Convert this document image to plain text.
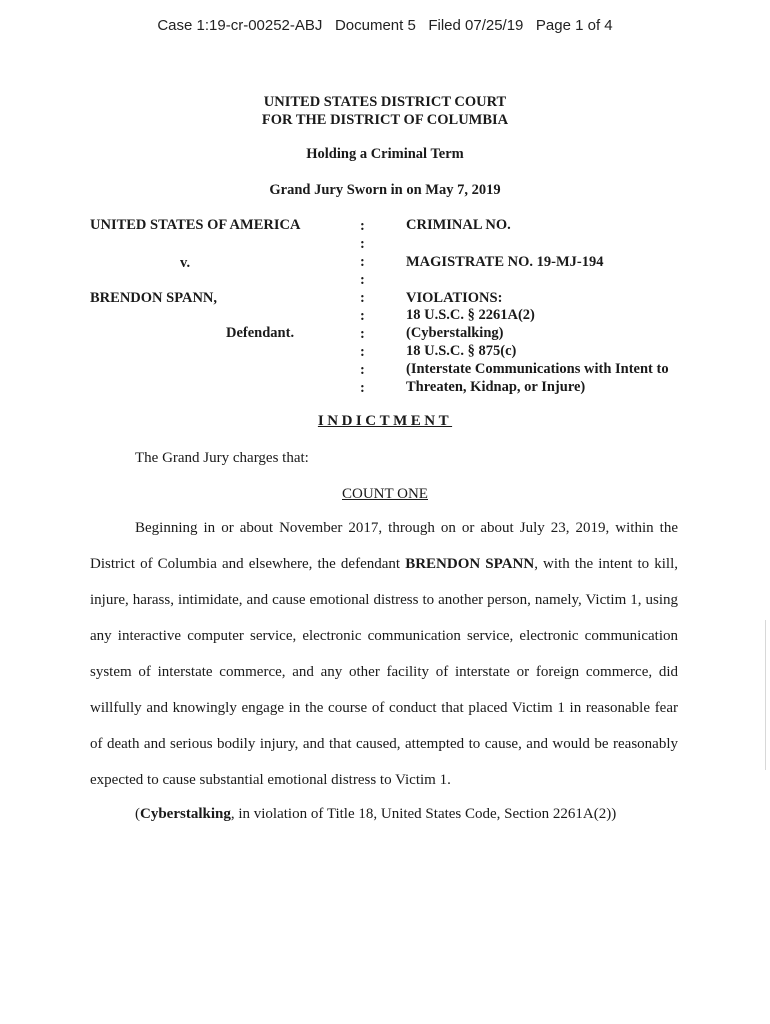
Case 1:19-cr-00252-ABJ Document 5 Filed 07/25/19 Page 1 of 4
UNITED STATES DISTRICT COURT
FOR THE DISTRICT OF COLUMBIA
Holding a Criminal Term
Grand Jury Sworn in on May 7, 2019
UNITED STATES OF AMERICA
v.
BRENDON SPANN,
Defendant.
:
:
:
:
:
:
:
:
:
:
CRIMINAL NO.
MAGISTRATE NO. 19-MJ-194
VIOLATIONS:
18 U.S.C. § 2261A(2)
(Cyberstalking)
18 U.S.C. § 875(c)
(Interstate Communications with Intent to
Threaten, Kidnap, or Injure)
INDICTMENT
The Grand Jury charges that:
COUNT ONE
Beginning in or about November 2017, through on or about July 23, 2019, within the
District of Columbia and elsewhere, the defendant BRENDON SPANN, with the intent to kill,
injure, harass, intimidate, and cause emotional distress to another person, namely, Victim 1, using
any interactive computer service, electronic communication service, electronic communication
system of interstate commerce, and any other facility of interstate or foreign commerce, did
willfully and knowingly engage in the course of conduct that placed Victim 1 in reasonable fear
of death and serious bodily injury, and that caused, attempted to cause, and would be reasonably
expected to cause substantial emotional distress to Victim 1.
(Cyberstalking, in violation of Title 18, United States Code, Section 2261A(2))
